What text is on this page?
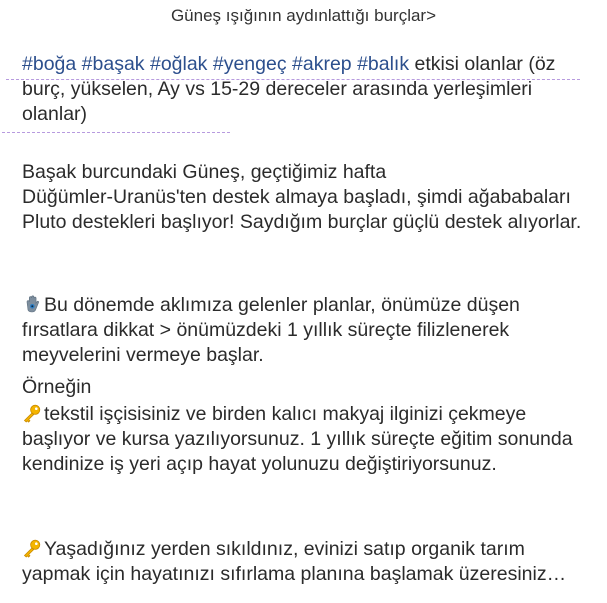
Güneş ışığının aydınlattığı burçlar>
#boğa #başak #oğlak #yengeç #akrep #balık etkisi olanlar (öz burç, yükselen, Ay vs 15-29 dereceler arasında yerleşimleri olanlar)
Başak burcundaki Güneş, geçtiğimiz hafta
Düğümler-Uranüs'ten destek almaya başladı, şimdi ağababaları Pluto destekleri başlıyor! Saydığım burçlar güçlü destek alıyorlar.
Bu dönemde aklımıza gelenler planlar, önümüze düşen fırsatlara dikkat > önümüzdeki 1 yıllık süreçte filizlenerek meyvelerini vermeye başlar.
Örneğin
tekstil işçisisiniz ve birden kalıcı makyaj ilginizi çekmeye başlıyor ve kursa yazılıyorsunuz. 1 yıllık süreçte eğitim sonunda kendinize iş yeri açıp hayat yolunuzu değiştiriyorsunuz.
Yaşadığınız yerden sıkıldınız, evinizi satıp organik tarım yapmak için hayatınızı sıfırlama planına başlamak üzeresiniz…
